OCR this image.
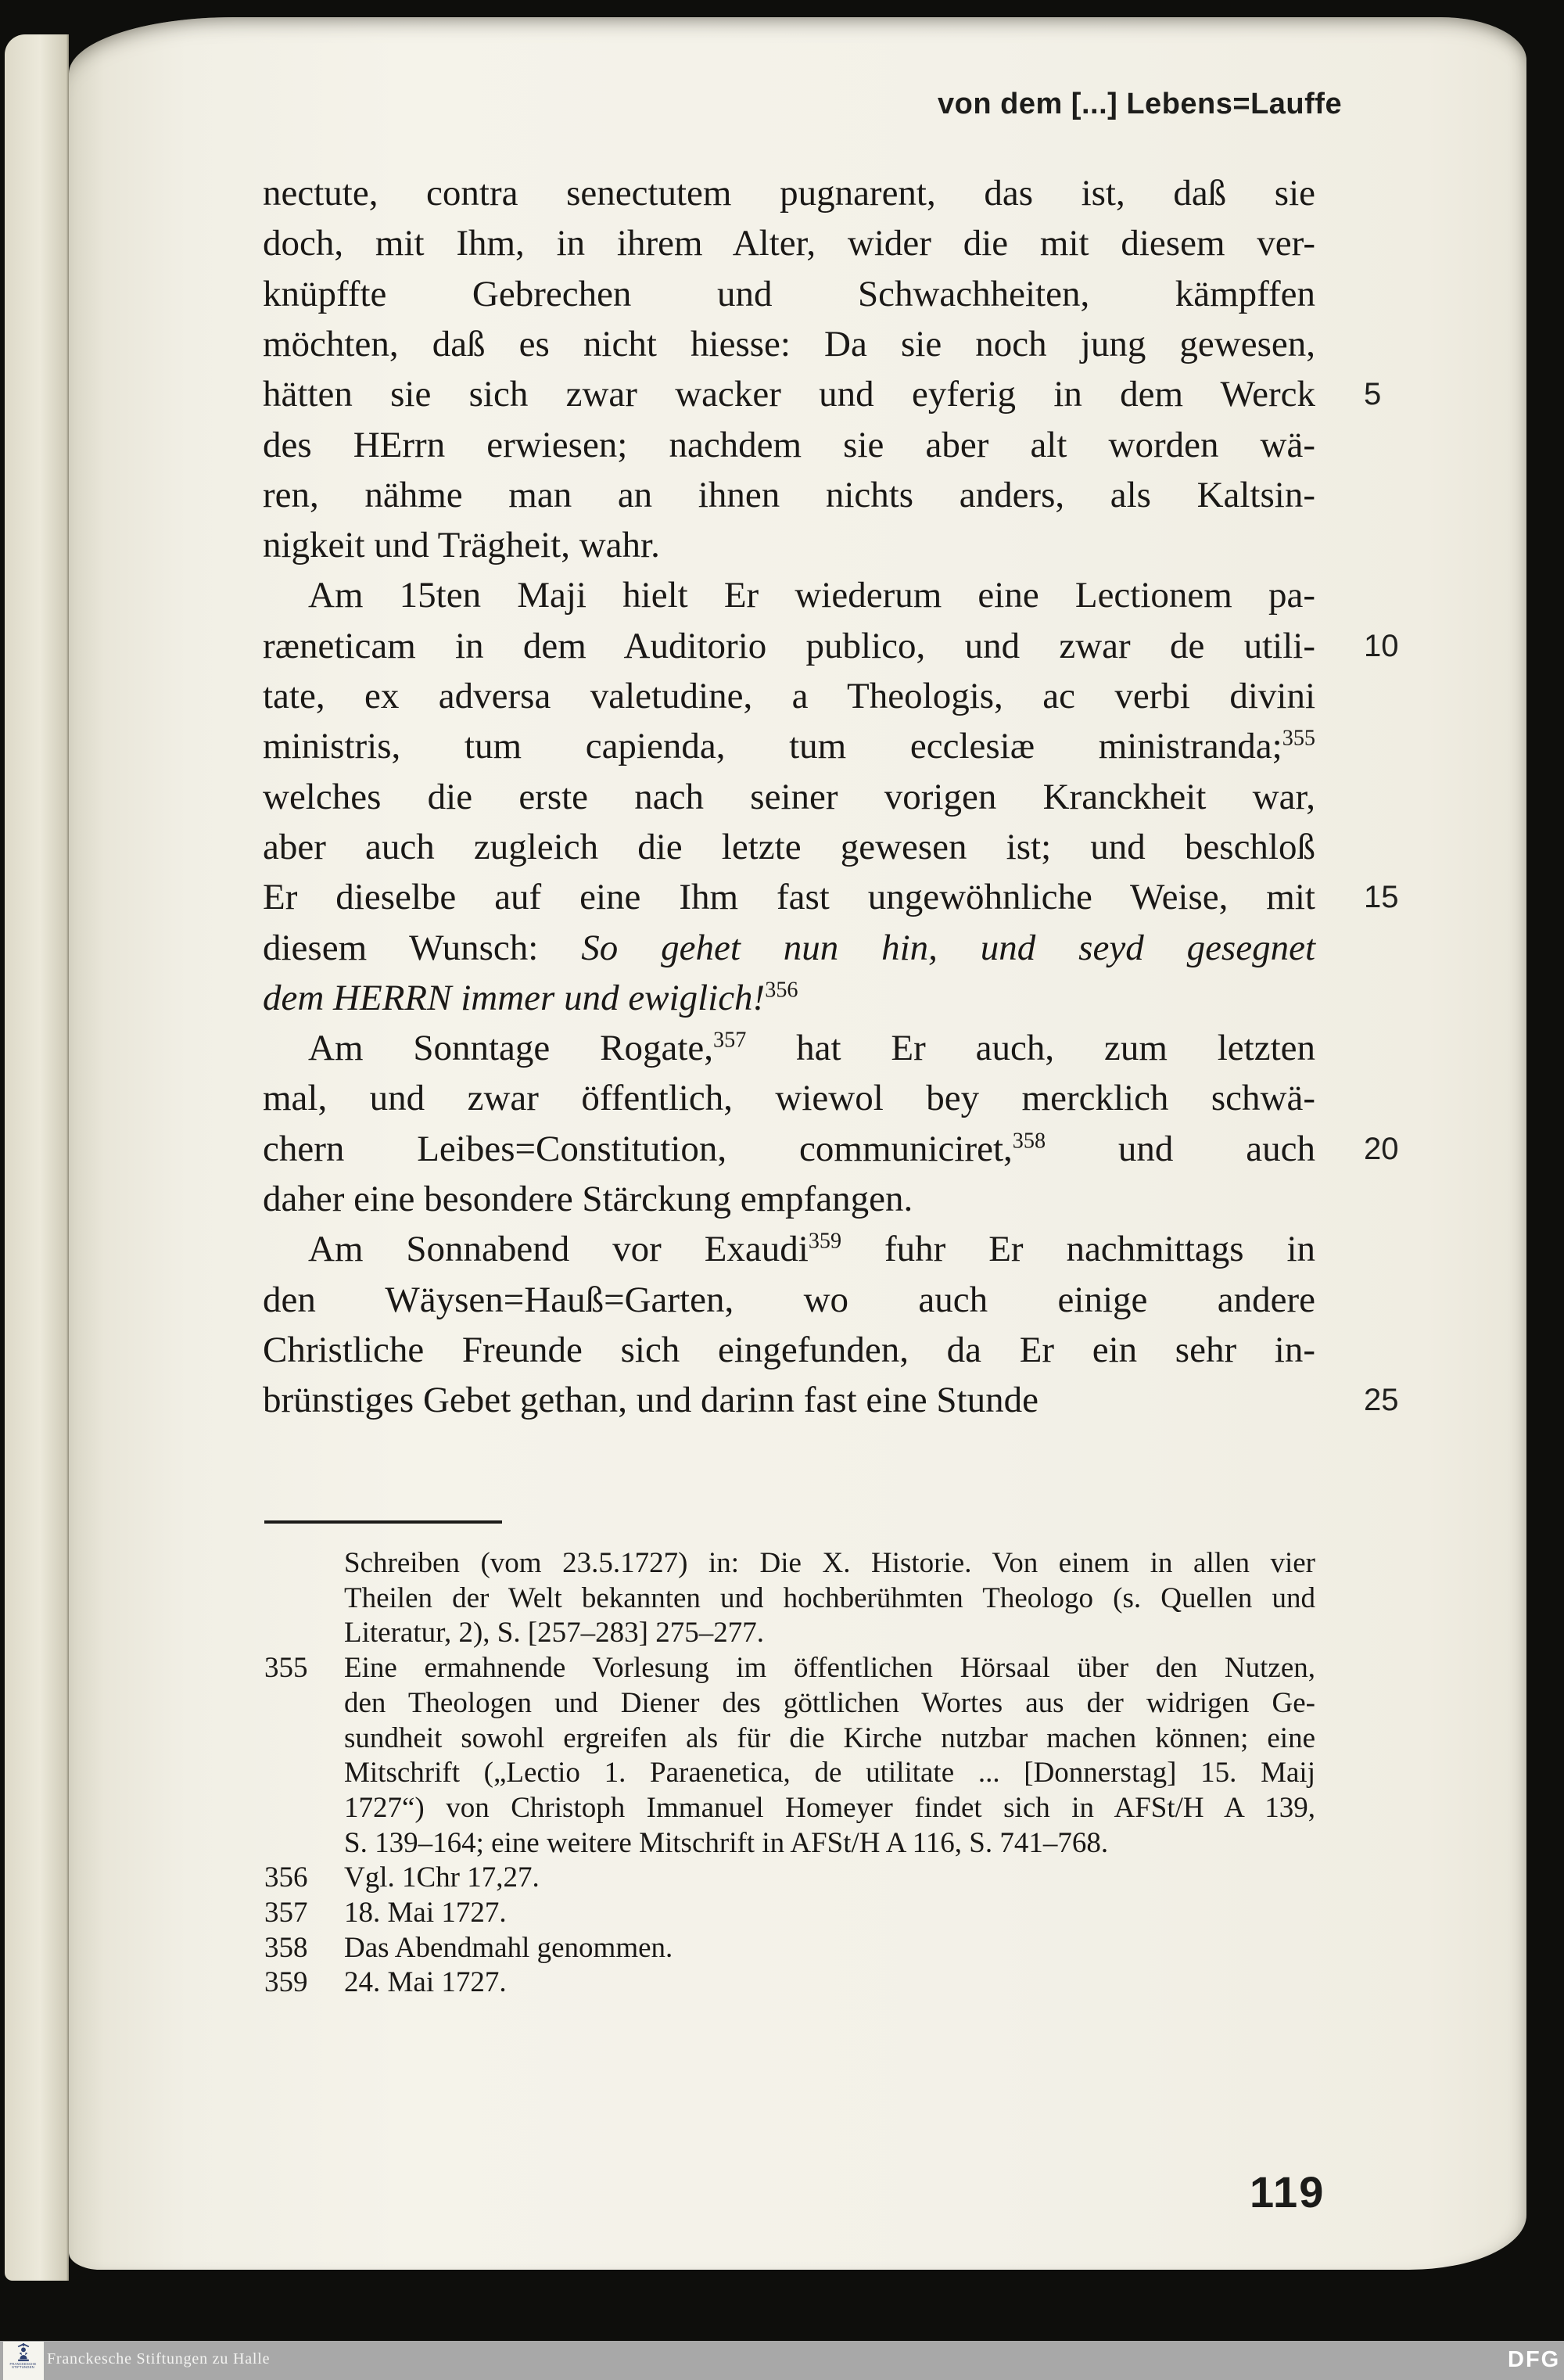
von dem [...] Lebens=Lauffe
119
nectute, contra senectutem pugnarent, das ist, daß sie
doch, mit Ihm, in ihrem Alter, wider die mit diesem ver-
knüpffte Gebrechen und Schwachheiten, kämpffen
möchten, daß es nicht hiesse: Da sie noch jung gewesen,
hätten sie sich zwar wacker und eyferig in dem Werck 5
des HErrn erwiesen; nachdem sie aber alt worden wä-
ren, nähme man an ihnen nichts anders, als Kaltsin-
nigkeit und Trägheit, wahr.
Am 15ten Maji hielt Er wiederum eine Lectionem pa-
ræneticam in dem Auditorio publico, und zwar de utili- 10
tate, ex adversa valetudine, a Theologis, ac verbi divini
ministris, tum capienda, tum ecclesiæ ministranda;$^{355}$
welches die erste nach seiner vorigen Kranckheit war,
aber auch zugleich die letzte gewesen ist; und beschloß
Er dieselbe auf eine Ihm fast ungewöhnliche Weise, mit 15
diesem Wunsch: So gehet nun hin, und seyd gesegnet
dem HERRN immer und ewiglich!$^{356}$
Am Sonntage Rogate,$^{357}$ hat Er auch, zum letzten
mal, und zwar öffentlich, wiewol bey mercklich schwä-
chern Leibes=Constitution, communiciret,$^{358}$ und auch 20
daher eine besondere Stärckung empfangen.
Am Sonnabend vor Exaudi$^{359}$ fuhr Er nachmittags in
den Wäysen=Hauß=Garten, wo auch einige andere
Christliche Freunde sich eingefunden, da Er ein sehr in-
brünstiges Gebet gethan, und darinn fast eine Stunde	25
Schreiben (vom 23.5.1727) in: Die X. Historie. Von einem in allen vier
Theilen der Welt bekannten und hochberühmten Theologo (s. Quellen und
Literatur, 2), S. [257–283] 275–277.
355	Eine ermahnende Vorlesung im öffentlichen Hörsaal über den Nutzen,
den Theologen und Diener des göttlichen Wortes aus der widrigen Ge-
sundheit sowohl ergreifen als für die Kirche nutzbar machen können; eine
Mitschrift („Lectio 1. Paraenetica, de utilitate ... [Donnerstag] 15. Maij
1727“) von Christoph Immanuel Homeyer findet sich in AFSt/H A 139,
S. 139–164; eine weitere Mitschrift in AFSt/H A 116, S. 741–768.
356	Vgl. 1Chr 17,27.
357	18. Mai 1727.
358	Das Abendmahl genommen.
359	24. Mai 1727.
FRANCKESCHE
STIFTUNGEN
Franckesche Stiftungen zu Halle	DFG
